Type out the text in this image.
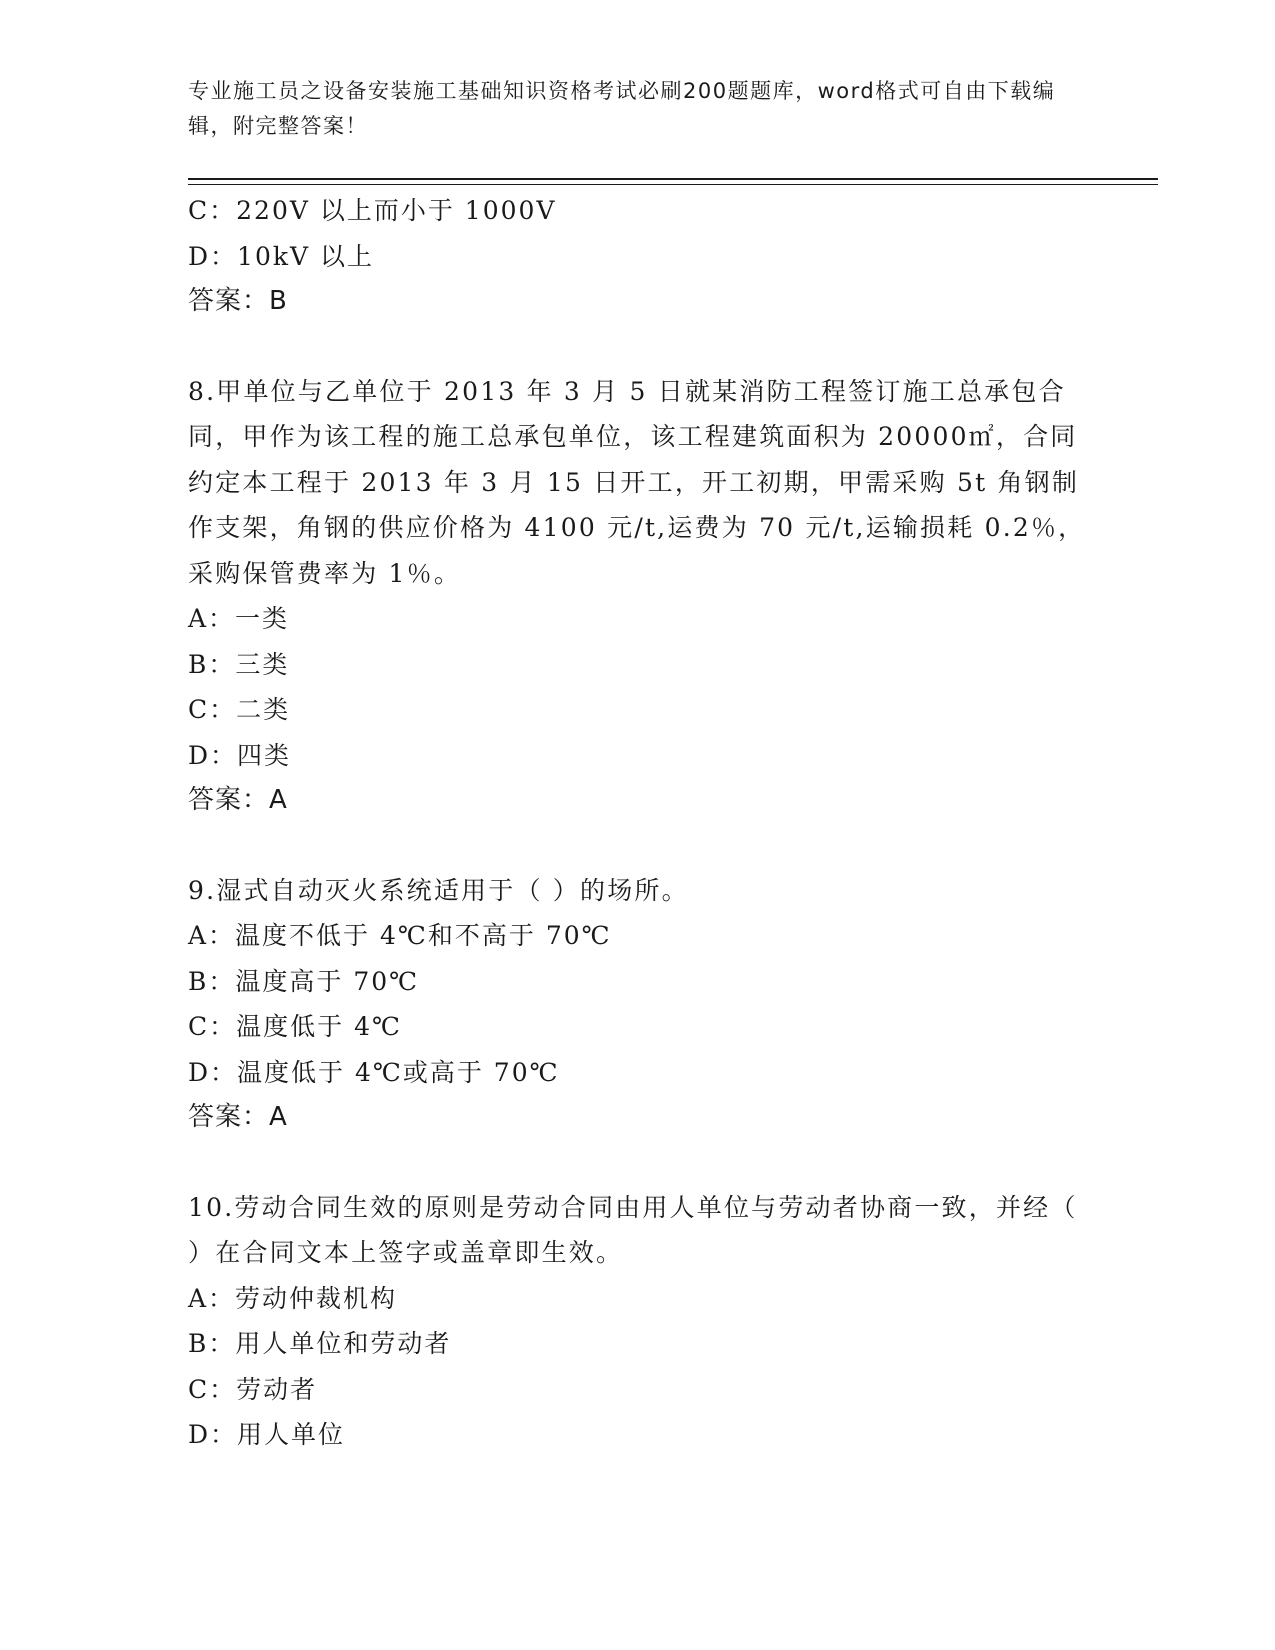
专业施工员之设备安装施工基础知识资格考试必刷200题题库，word格式可自由下载编辑，附完整答案！
C：220V 以上而小于 1000V
D：10kV 以上
答案：B
8.甲单位与乙单位于 2013 年 3 月 5 日就某消防工程签订施工总承包合同，甲作为该工程的施工总承包单位，该工程建筑面积为 20000㎡，合同约定本工程于 2013 年 3 月 15 日开工，开工初期，甲需采购 5t 角钢制作支架，角钢的供应价格为 4100 元/t,运费为 70 元/t,运输损耗 0.2％，采购保管费率为 1％。
A：一类
B：三类
C：二类
D：四类
答案：A
9.湿式自动灭火系统适用于（ ）的场所。
A：温度不低于 4℃和不高于 70℃
B：温度高于 70℃
C：温度低于 4℃
D：温度低于 4℃或高于 70℃
答案：A
10.劳动合同生效的原则是劳动合同由用人单位与劳动者协商一致，并经（ ）在合同文本上签字或盖章即生效。
A：劳动仲裁机构
B：用人单位和劳动者
C：劳动者
D：用人单位
